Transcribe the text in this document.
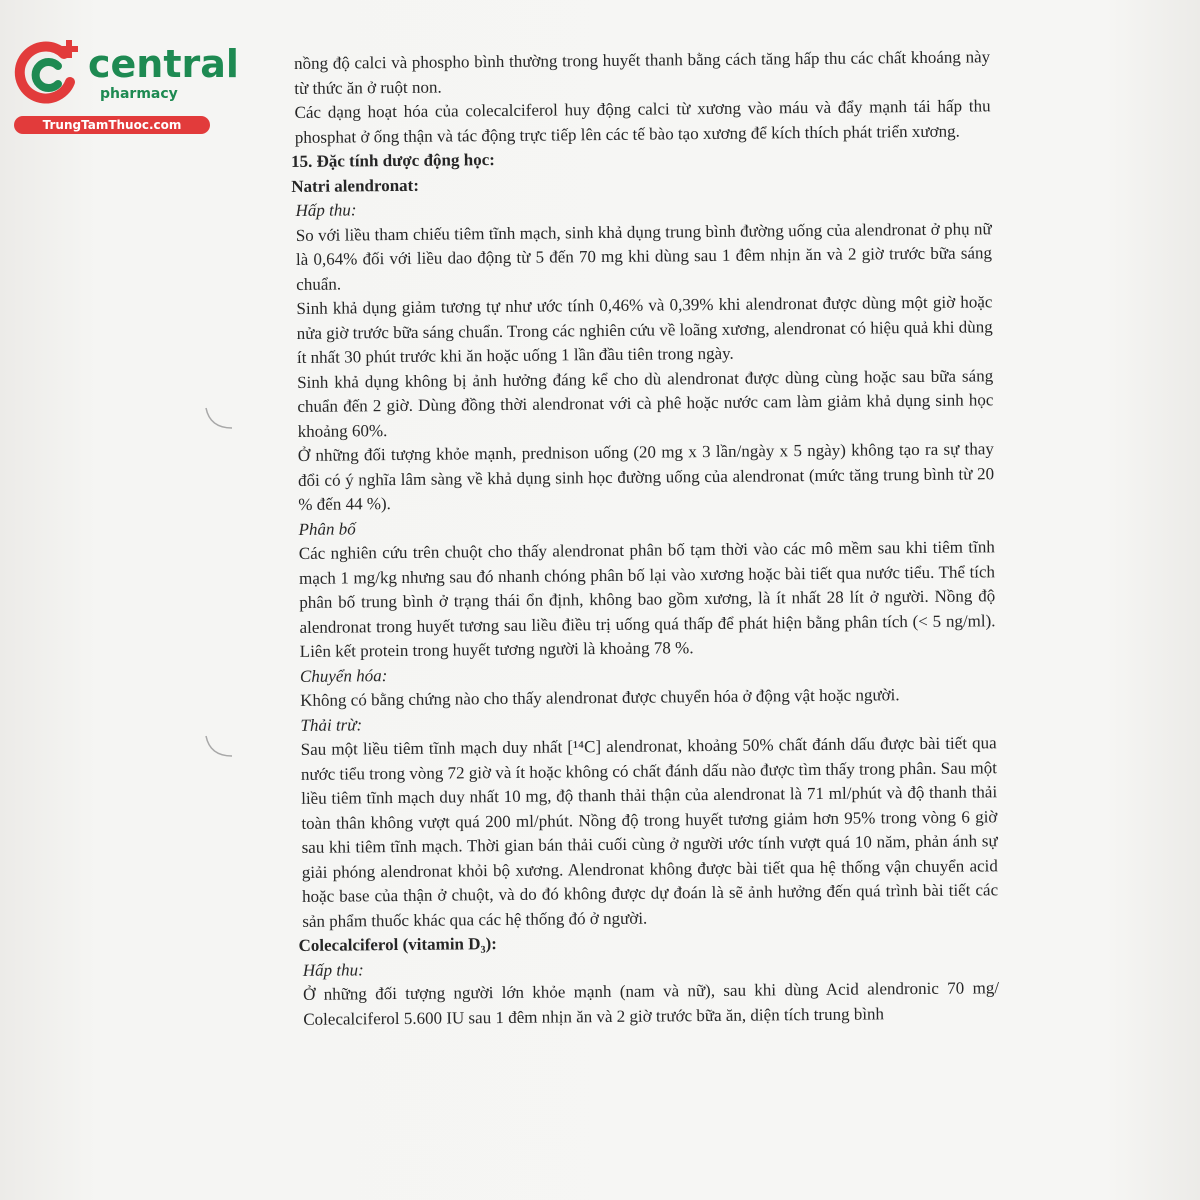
central
pharmacy
TrungTamThuoc.com

nồng độ calci và phospho bình thường trong huyết thanh bằng cách tăng hấp thu các chất khoáng này từ thức ăn ở ruột non.

Các dạng hoạt hóa của colecalciferol huy động calci từ xương vào máu và đẩy mạnh tái hấp thu phosphat ở ống thận và tác động trực tiếp lên các tế bào tạo xương để kích thích phát triển xương.

15. Đặc tính dược động học:

Natri alendronat:

Hấp thu:

So với liều tham chiếu tiêm tĩnh mạch, sinh khả dụng trung bình đường uống của alendronat ở phụ nữ là 0,64% đối với liều dao động từ 5 đến 70 mg khi dùng sau 1 đêm nhịn ăn và 2 giờ trước bữa sáng chuẩn.

Sinh khả dụng giảm tương tự như ước tính 0,46% và 0,39% khi alendronat được dùng một giờ hoặc nửa giờ trước bữa sáng chuẩn. Trong các nghiên cứu về loãng xương, alendronat có hiệu quả khi dùng ít nhất 30 phút trước khi ăn hoặc uống 1 lần đầu tiên trong ngày.

Sinh khả dụng không bị ảnh hưởng đáng kể cho dù alendronat được dùng cùng hoặc sau bữa sáng chuẩn đến 2 giờ. Dùng đồng thời alendronat với cà phê hoặc nước cam làm giảm khả dụng sinh học khoảng 60%.

Ở những đối tượng khỏe mạnh, prednison uống (20 mg x 3 lần/ngày x 5 ngày) không tạo ra sự thay đổi có ý nghĩa lâm sàng về khả dụng sinh học đường uống của alendronat (mức tăng trung bình từ 20 % đến 44 %).

Phân bố

Các nghiên cứu trên chuột cho thấy alendronat phân bố tạm thời vào các mô mềm sau khi tiêm tĩnh mạch 1 mg/kg nhưng sau đó nhanh chóng phân bố lại vào xương hoặc bài tiết qua nước tiểu. Thể tích phân bố trung bình ở trạng thái ổn định, không bao gồm xương, là ít nhất 28 lít ở người. Nồng độ alendronat trong huyết tương sau liều điều trị uống quá thấp để phát hiện bằng phân tích (< 5 ng/ml). Liên kết protein trong huyết tương người là khoảng 78 %.

Chuyển hóa:

Không có bằng chứng nào cho thấy alendronat được chuyển hóa ở động vật hoặc người.

Thải trừ:

Sau một liều tiêm tĩnh mạch duy nhất [¹⁴C] alendronat, khoảng 50% chất đánh dấu được bài tiết qua nước tiểu trong vòng 72 giờ và ít hoặc không có chất đánh dấu nào được tìm thấy trong phân. Sau một liều tiêm tĩnh mạch duy nhất 10 mg, độ thanh thải thận của alendronat là 71 ml/phút và độ thanh thải toàn thân không vượt quá 200 ml/phút. Nồng độ trong huyết tương giảm hơn 95% trong vòng 6 giờ sau khi tiêm tĩnh mạch. Thời gian bán thải cuối cùng ở người ước tính vượt quá 10 năm, phản ánh sự giải phóng alendronat khỏi bộ xương. Alendronat không được bài tiết qua hệ thống vận chuyển acid hoặc base của thận ở chuột, và do đó không được dự đoán là sẽ ảnh hưởng đến quá trình bài tiết các sản phẩm thuốc khác qua các hệ thống đó ở người.

Colecalciferol (vitamin D₃):

Hấp thu:

Ở những đối tượng người lớn khỏe mạnh (nam và nữ), sau khi dùng Acid alendronic 70 mg/ Colecalciferol 5.600 IU sau 1 đêm nhịn ăn và 2 giờ trước bữa ăn, diện tích trung bình
